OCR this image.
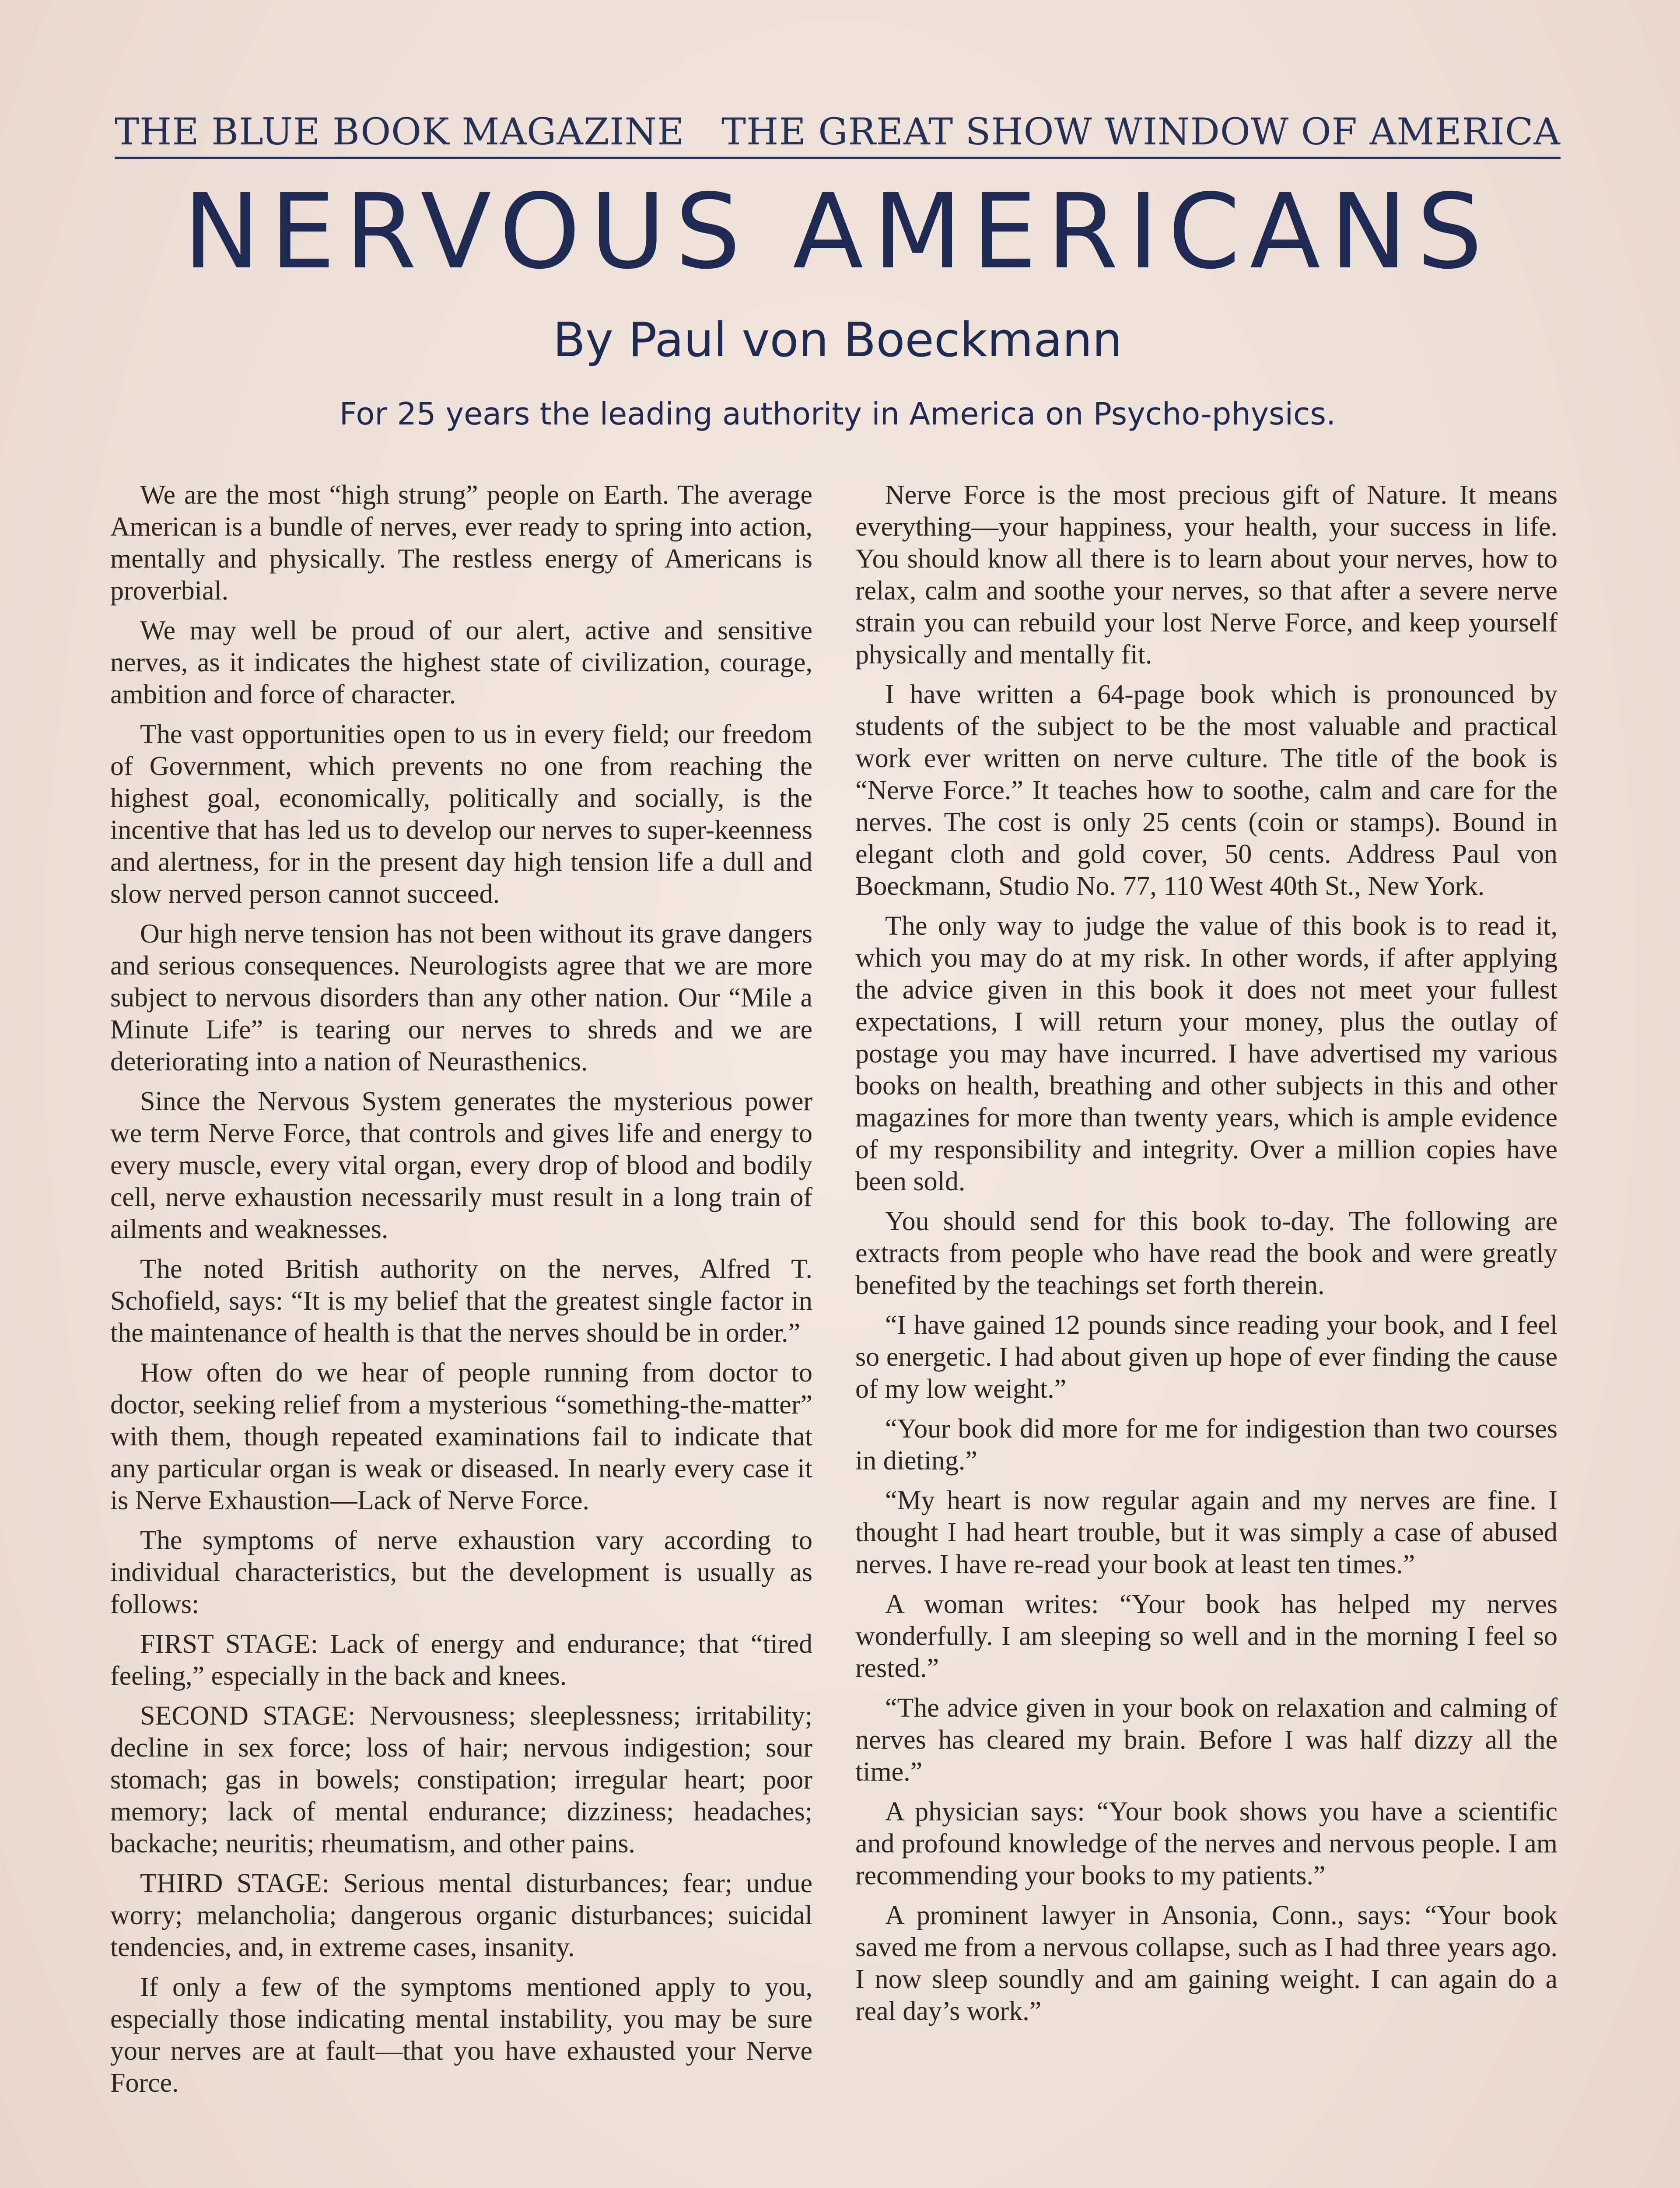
THE BLUE BOOK MAGAZINE THE GREAT SHOW WINDOW OF AMERICA
NERVOUS AMERICANS
By Paul von Boeckmann
For 25 years the leading authority in America on Psycho-physics.

We are the most “high strung” people on Earth. The average American is a bundle of nerves, ever ready to spring into action, mentally and physically. The restless energy of Americans is proverbial.

We may well be proud of our alert, active and sensitive nerves, as it indicates the highest state of civilization, courage, ambition and force of character.

The vast opportunities open to us in every field; our freedom of Government, which prevents no one from reaching the highest goal, economically, politically and socially, is the incentive that has led us to develop our nerves to super-keenness and alertness, for in the present day high tension life a dull and slow nerved person cannot succeed.

Our high nerve tension has not been without its grave dangers and serious consequences. Neurologists agree that we are more subject to nervous disorders than any other nation. Our “Mile a Minute Life” is tearing our nerves to shreds and we are deteriorating into a nation of Neurasthenics.

Since the Nervous System generates the mysterious power we term Nerve Force, that controls and gives life and energy to every muscle, every vital organ, every drop of blood and bodily cell, nerve exhaustion necessarily must result in a long train of ailments and weaknesses.

The noted British authority on the nerves, Alfred T. Schofield, says: “It is my belief that the greatest single factor in the maintenance of health is that the nerves should be in order.”

How often do we hear of people running from doctor to doctor, seeking relief from a mysterious “something-the-matter” with them, though repeated examinations fail to indicate that any particular organ is weak or diseased. In nearly every case it is Nerve Exhaustion—Lack of Nerve Force.

The symptoms of nerve exhaustion vary according to individual characteristics, but the development is usually as follows:

FIRST STAGE: Lack of energy and endurance; that “tired feeling,” especially in the back and knees.

SECOND STAGE: Nervousness; sleeplessness; irritability; decline in sex force; loss of hair; nervous indigestion; sour stomach; gas in bowels; constipation; irregular heart; poor memory; lack of mental endurance; dizziness; headaches; backache; neuritis; rheumatism, and other pains.

THIRD STAGE: Serious mental disturbances; fear; undue worry; melancholia; dangerous organic disturbances; suicidal tendencies, and, in extreme cases, insanity.

If only a few of the symptoms mentioned apply to you, especially those indicating mental instability, you may be sure your nerves are at fault—that you have exhausted your Nerve Force.

Nerve Force is the most precious gift of Nature. It means everything—your happiness, your health, your success in life. You should know all there is to learn about your nerves, how to relax, calm and soothe your nerves, so that after a severe nerve strain you can rebuild your lost Nerve Force, and keep yourself physically and mentally fit.

I have written a 64-page book which is pronounced by students of the subject to be the most valuable and practical work ever written on nerve culture. The title of the book is “Nerve Force.” It teaches how to soothe, calm and care for the nerves. The cost is only 25 cents (coin or stamps). Bound in elegant cloth and gold cover, 50 cents. Address Paul von Boeckmann, Studio No. 77, 110 West 40th St., New York.

The only way to judge the value of this book is to read it, which you may do at my risk. In other words, if after applying the advice given in this book it does not meet your fullest expectations, I will return your money, plus the outlay of postage you may have incurred. I have advertised my various books on health, breathing and other subjects in this and other magazines for more than twenty years, which is ample evidence of my responsibility and integrity. Over a million copies have been sold.

You should send for this book to-day. The following are extracts from people who have read the book and were greatly benefited by the teachings set forth therein.

“I have gained 12 pounds since reading your book, and I feel so energetic. I had about given up hope of ever finding the cause of my low weight.”

“Your book did more for me for indigestion than two courses in dieting.”

“My heart is now regular again and my nerves are fine. I thought I had heart trouble, but it was simply a case of abused nerves. I have re-read your book at least ten times.”

A woman writes: “Your book has helped my nerves wonderfully. I am sleeping so well and in the morning I feel so rested.”

“The advice given in your book on relaxation and calming of nerves has cleared my brain. Before I was half dizzy all the time.”

A physician says: “Your book shows you have a scientific and profound knowledge of the nerves and nervous people. I am recommending your books to my patients.”

A prominent lawyer in Ansonia, Conn., says: “Your book saved me from a nervous collapse, such as I had three years ago. I now sleep soundly and am gaining weight. I can again do a real day’s work.”
